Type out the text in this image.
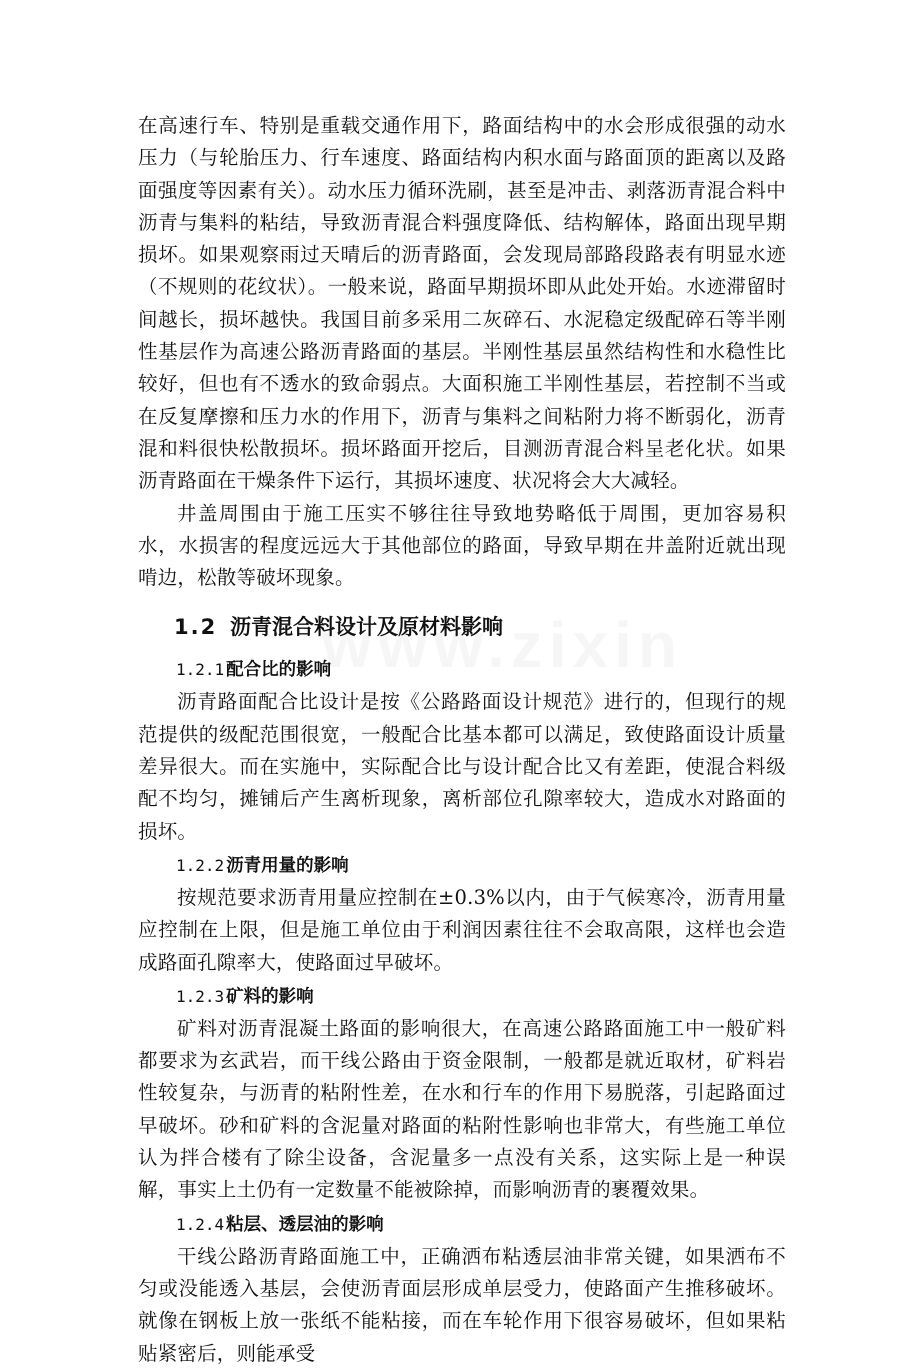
在高速行车、特别是重载交通作用下，路面结构中的水会形成很强的动水压力（与轮胎压力、行车速度、路面结构内积水面与路面顶的距离以及路面强度等因素有关）。动水压力循环洗刷，甚至是冲击、剥落沥青混合料中沥青与集料的粘结，导致沥青混合料强度降低、结构解体，路面出现早期损坏。如果观察雨过天晴后的沥青路面，会发现局部路段路表有明显水迹（不规则的花纹状）。一般来说，路面早期损坏即从此处开始。水迹滞留时间越长，损坏越快。我国目前多采用二灰碎石、水泥稳定级配碎石等半刚性基层作为高速公路沥青路面的基层。半刚性基层虽然结构性和水稳性比较好，但也有不透水的致命弱点。大面积施工半刚性基层，若控制不当或在反复摩擦和压力水的作用下，沥青与集料之间粘附力将不断弱化，沥青混和料很快松散损坏。损坏路面开挖后，目测沥青混合料呈老化状。如果沥青路面在干燥条件下运行，其损坏速度、状况将会大大减轻。

井盖周围由于施工压实不够往往导致地势略低于周围，更加容易积水，水损害的程度远远大于其他部位的路面，导致早期在井盖附近就出现啃边，松散等破坏现象。

1.2 沥青混合料设计及原材料影响
1.2.1 配合比的影响

沥青路面配合比设计是按《公路路面设计规范》进行的，但现行的规范提供的级配范围很宽，一般配合比基本都可以满足，致使路面设计质量差异很大。而在实施中，实际配合比与设计配合比又有差距，使混合料级配不均匀，摊铺后产生离析现象，离析部位孔隙率较大，造成水对路面的损坏。

1.2.2 沥青用量的影响

按规范要求沥青用量应控制在±0.3%以内，由于气候寒冷，沥青用量应控制在上限，但是施工单位由于利润因素往往不会取高限，这样也会造成路面孔隙率大，使路面过早破坏。

1.2.3 矿料的影响

矿料对沥青混凝土路面的影响很大，在高速公路路面施工中一般矿料都要求为玄武岩，而干线公路由于资金限制，一般都是就近取材，矿料岩性较复杂，与沥青的粘附性差，在水和行车的作用下易脱落，引起路面过早破坏。砂和矿料的含泥量对路面的粘附性影响也非常大，有些施工单位认为拌合楼有了除尘设备，含泥量多一点没有关系，这实际上是一种误解，事实上土仍有一定数量不能被除掉，而影响沥青的裹覆效果。

1.2.4 粘层、透层油的影响

干线公路沥青路面施工中，正确洒布粘透层油非常关键，如果洒布不匀或没能透入基层，会使沥青面层形成单层受力，使路面产生推移破坏。就像在钢板上放一张纸不能粘接，而在车轮作用下很容易破坏，但如果粘贴紧密后，则能承受
